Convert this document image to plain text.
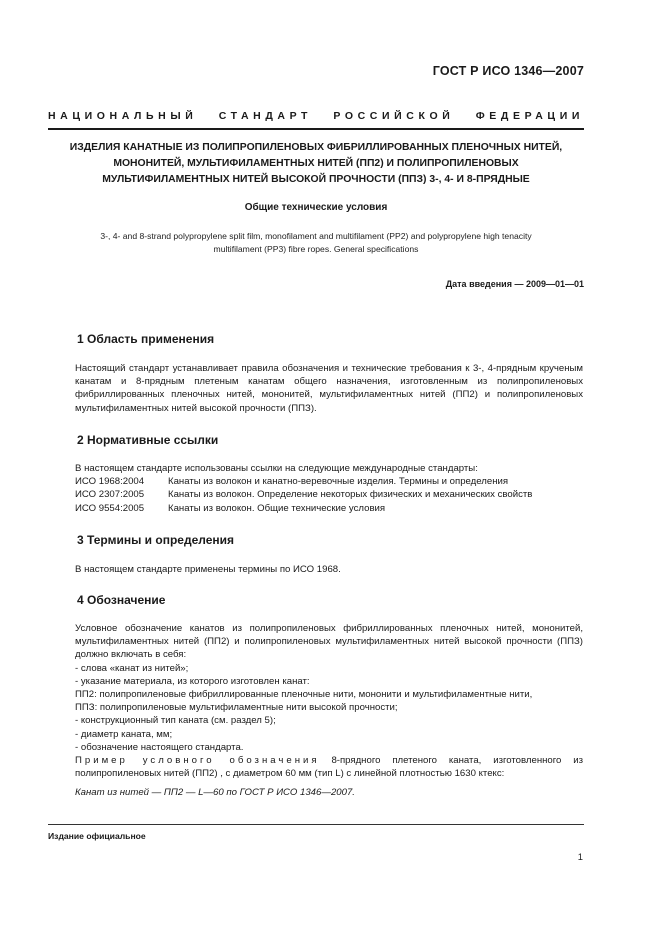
ГОСТ Р ИСО 1346—2007
НАЦИОНАЛЬНЫЙ СТАНДАРТ РОССИЙСКОЙ ФЕДЕРАЦИИ
ИЗДЕЛИЯ КАНАТНЫЕ ИЗ ПОЛИПРОПИЛЕНОВЫХ ФИБРИЛЛИРОВАННЫХ ПЛЕНОЧНЫХ НИТЕЙ,
МОНОНИТЕЙ, МУЛЬТИФИЛАМЕНТНЫХ НИТЕЙ (ПП2) И ПОЛИПРОПИЛЕНОВЫХ
МУЛЬТИФИЛАМЕНТНЫХ НИТЕЙ ВЫСОКОЙ ПРОЧНОСТИ (ППЗ) 3-, 4- И 8-ПРЯДНЫЕ
Общие технические условия
3-, 4- and 8-strand polypropylene split film, monofilament and multifilament (PP2) and polypropylene high tenacity
multifilament (PP3) fibre ropes. General specifications
Дата введения — 2009—01—01
1 Область применения
Настоящий стандарт устанавливает правила обозначения и технические требования к 3-, 4-прядным крученым канатам и 8-прядным плетеным канатам общего назначения, изготовленным из полипропиленовых фибриллированных пленочных нитей, мононитей, мультифиламентных нитей (ПП2) и полипропиленовых мультифиламентных нитей высокой прочности (ППЗ).
2 Нормативные ссылки
В настоящем стандарте использованы ссылки на следующие международные стандарты:
ИСО 1968:2004	Канаты из волокон и канатно-веревочные изделия. Термины и определения
ИСО 2307:2005	Канаты из волокон. Определение некоторых физических и механических свойств
ИСО 9554:2005	Канаты из волокон. Общие технические условия
3 Термины и определения
В настоящем стандарте применены термины по ИСО 1968.
4 Обозначение
Условное обозначение канатов из полипропиленовых фибриллированных пленочных нитей, мононитей, мультифиламентных нитей (ПП2) и полипропиленовых мультифиламентных нитей высокой прочности (ППЗ) должно включать в себя:
- слова «канат из нитей»;
- указание материала, из которого изготовлен канат:
ПП2: полипропиленовые фибриллированные пленочные нити, мононити и мультифиламентные нити,
ППЗ: полипропиленовые мультифиламентные нити высокой прочности;
- конструкционный тип каната (см. раздел 5);
- диаметр каната, мм;
- обозначение настоящего стандарта.
Пример условного обозначения 8-прядного плетеного каната, изготовленного из полипропиленовых нитей (ПП2) , с диаметром 60 мм (тип L) с линейной плотностью 1630 ктекс:
Канат из нитей — ПП2 — L—60 по ГОСТ Р ИСО 1346—2007.
Издание официальное
1
